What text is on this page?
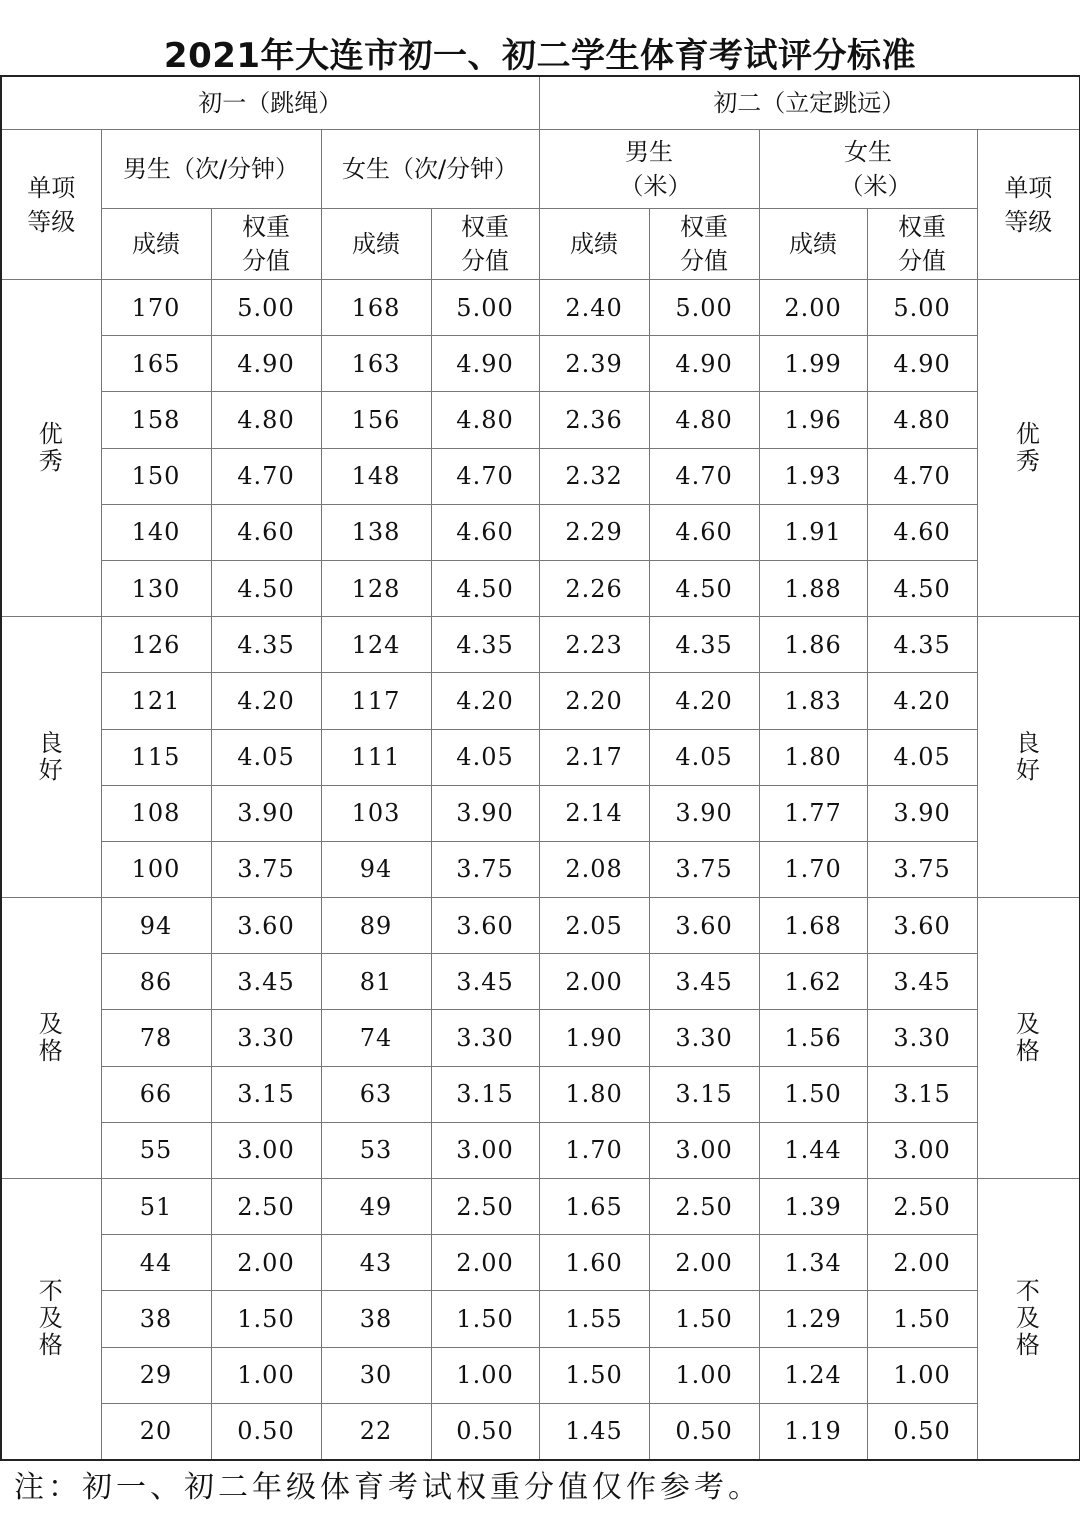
2021年大连市初一、初二学生体育考试评分标准
初一（跳绳）					初二（立定跳远）				
单项等级	男生（次/分钟）		女生（次/分钟）		男生（米）		女生（米）		单项等级
	成绩	权重分值	成绩	权重分值	成绩	权重分值	成绩	权重分值	
优秀	170	5.00	168	5.00	2.40	5.00	2.00	5.00	优秀
	165	4.90	163	4.90	2.39	4.90	1.99	4.90	
	158	4.80	156	4.80	2.36	4.80	1.96	4.80	
	150	4.70	148	4.70	2.32	4.70	1.93	4.70	
	140	4.60	138	4.60	2.29	4.60	1.91	4.60	
	130	4.50	128	4.50	2.26	4.50	1.88	4.50	
良好	126	4.35	124	4.35	2.23	4.35	1.86	4.35	良好
	121	4.20	117	4.20	2.20	4.20	1.83	4.20	
	115	4.05	111	4.05	2.17	4.05	1.80	4.05	
	108	3.90	103	3.90	2.14	3.90	1.77	3.90	
	100	3.75	94	3.75	2.08	3.75	1.70	3.75	
及格	94	3.60	89	3.60	2.05	3.60	1.68	3.60	及格
	86	3.45	81	3.45	2.00	3.45	1.62	3.45	
	78	3.30	74	3.30	1.90	3.30	1.56	3.30	
	66	3.15	63	3.15	1.80	3.15	1.50	3.15	
	55	3.00	53	3.00	1.70	3.00	1.44	3.00	
不及格	51	2.50	49	2.50	1.65	2.50	1.39	2.50	不及格
	44	2.00	43	2.00	1.60	2.00	1.34	2.00	
	38	1.50	38	1.50	1.55	1.50	1.29	1.50	
	29	1.00	30	1.00	1.50	1.00	1.24	1.00	
	20	0.50	22	0.50	1.45	0.50	1.19	0.50	
注：初一、初二年级体育考试权重分值仅作参考。
